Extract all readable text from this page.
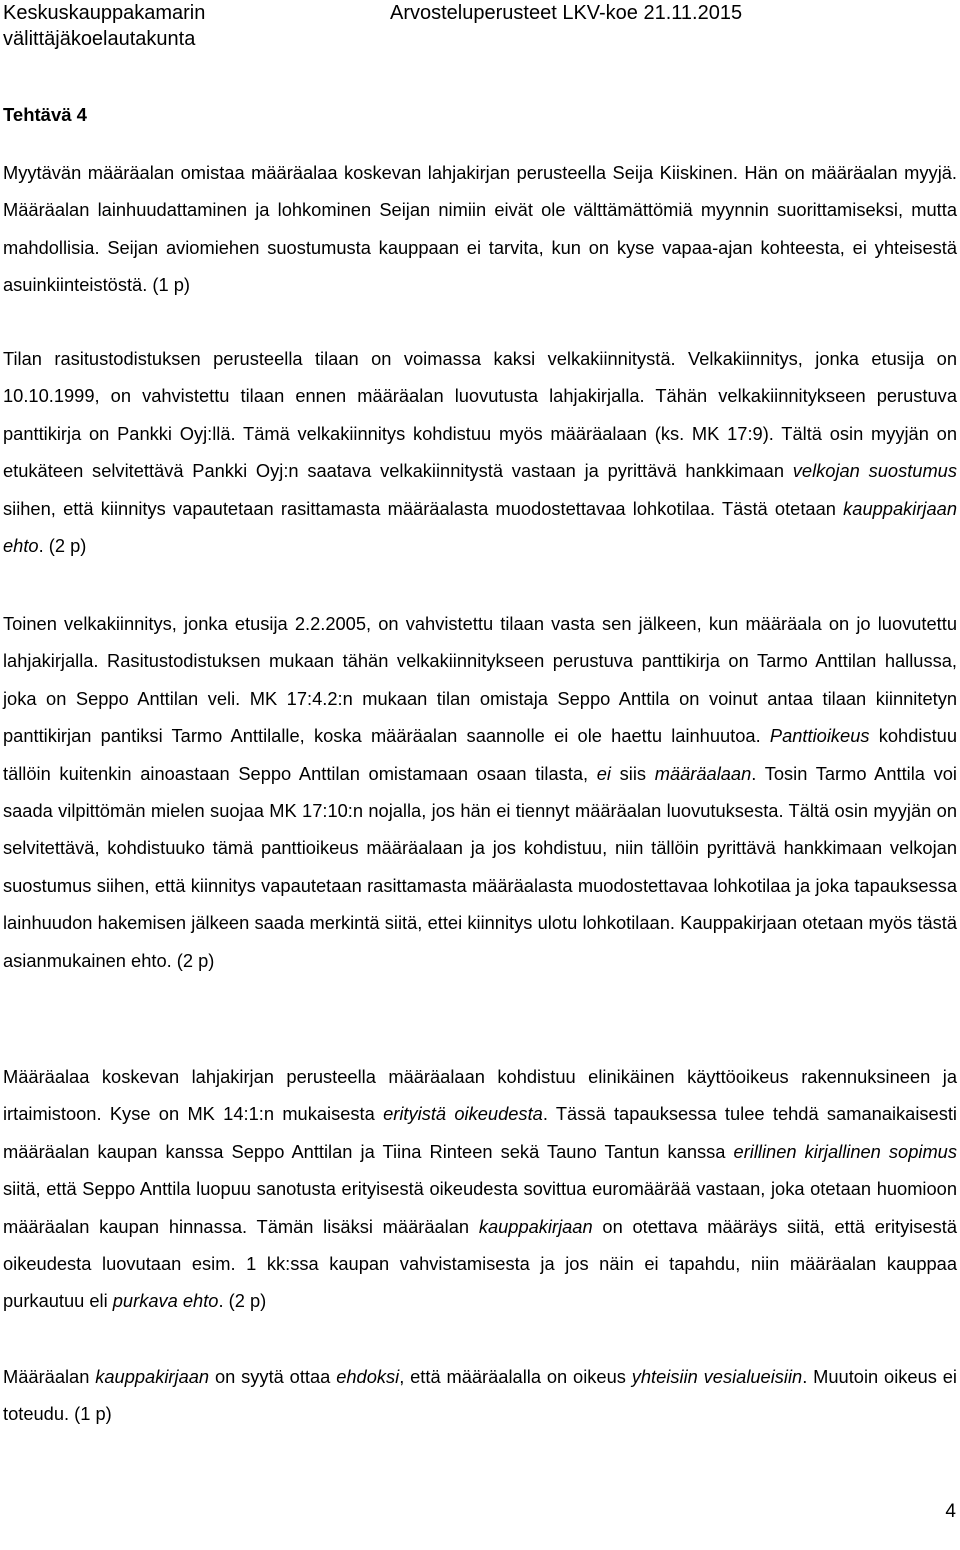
Keskuskauppakamarin
välittäjäkoelautakunta
Arvosteluperusteet LKV-koe 21.11.2015
Tehtävä 4

Myytävän määräalan omistaa määräalaa koskevan lahjakirjan perusteella Seija Kiiskinen. Hän on määräalan myyjä. Määräalan lainhuudattaminen ja lohkominen Seijan nimiin eivät ole välttämättömiä myynnin suorittamiseksi, mutta mahdollisia. Seijan aviomiehen suostumusta kauppaan ei tarvita, kun on kyse vapaa-ajan kohteesta, ei yhteisestä asuinkiinteistöstä. (1 p)

Tilan rasitustodistuksen perusteella tilaan on voimassa kaksi velkakiinnitystä. Velkakiinnitys, jonka etusija on 10.10.1999, on vahvistettu tilaan ennen määräalan luovutusta lahjakirjalla. Tähän velkakiinnitykseen perustuva panttikirja on Pankki Oyj:llä. Tämä velkakiinnitys kohdistuu myös määräalaan (ks. MK 17:9). Tältä osin myyjän on etukäteen selvitettävä Pankki Oyj:n saatava velkakiinnitystä vastaan ja pyrittävä hankkimaan velkojan suostumus siihen, että kiinnitys vapautetaan rasittamasta määräalasta muodostettavaa lohkotilaa. Tästä otetaan kauppakirjaan ehto. (2 p)

Toinen velkakiinnitys, jonka etusija 2.2.2005, on vahvistettu tilaan vasta sen jälkeen, kun määräala on jo luovutettu lahjakirjalla. Rasitustodistuksen mukaan tähän velkakiinnitykseen perustuva panttikirja on Tarmo Anttilan hallussa, joka on Seppo Anttilan veli. MK 17:4.2:n mukaan tilan omistaja Seppo Anttila on voinut antaa tilaan kiinnitetyn panttikirjan pantiksi Tarmo Anttilalle, koska määräalan saannolle ei ole haettu lainhuutoa. Panttioikeus kohdistuu tällöin kuitenkin ainoastaan Seppo Anttilan omistamaan osaan tilasta, ei siis määräalaan. Tosin Tarmo Anttila voi saada vilpittömän mielen suojaa MK 17:10:n nojalla, jos hän ei tiennyt määräalan luovutuksesta. Tältä osin myyjän on selvitettävä, kohdistuuko tämä panttioikeus määräalaan ja jos kohdistuu, niin tällöin pyrittävä hankkimaan velkojan suostumus siihen, että kiinnitys vapautetaan rasittamasta määräalasta muodostettavaa lohkotilaa ja joka tapauksessa lainhuudon hakemisen jälkeen saada merkintä siitä, ettei kiinnitys ulotu lohkotilaan. Kauppakirjaan otetaan myös tästä asianmukainen ehto. (2 p)

Määräalaa koskevan lahjakirjan perusteella määräalaan kohdistuu elinikäinen käyttöoikeus rakennuksineen ja irtaimistoon. Kyse on MK 14:1:n mukaisesta erityistä oikeudesta. Tässä tapauksessa tulee tehdä samanaikaisesti määräalan kaupan kanssa Seppo Anttilan ja Tiina Rinteen sekä Tauno Tantun kanssa erillinen kirjallinen sopimus siitä, että Seppo Anttila luopuu sanotusta erityisestä oikeudesta sovittua euromäärää vastaan, joka otetaan huomioon määräalan kaupan hinnassa. Tämän lisäksi määräalan kauppakirjaan on otettava määräys siitä, että erityisestä oikeudesta luovutaan esim. 1 kk:ssa kaupan vahvistamisesta ja jos näin ei tapahdu, niin määräalan kauppaa purkautuu eli purkava ehto. (2 p)

Määräalan kauppakirjaan on syytä ottaa ehdoksi, että määräalalla on oikeus yhteisiin vesialueisiin. Muutoin oikeus ei toteudu. (1 p)

4
